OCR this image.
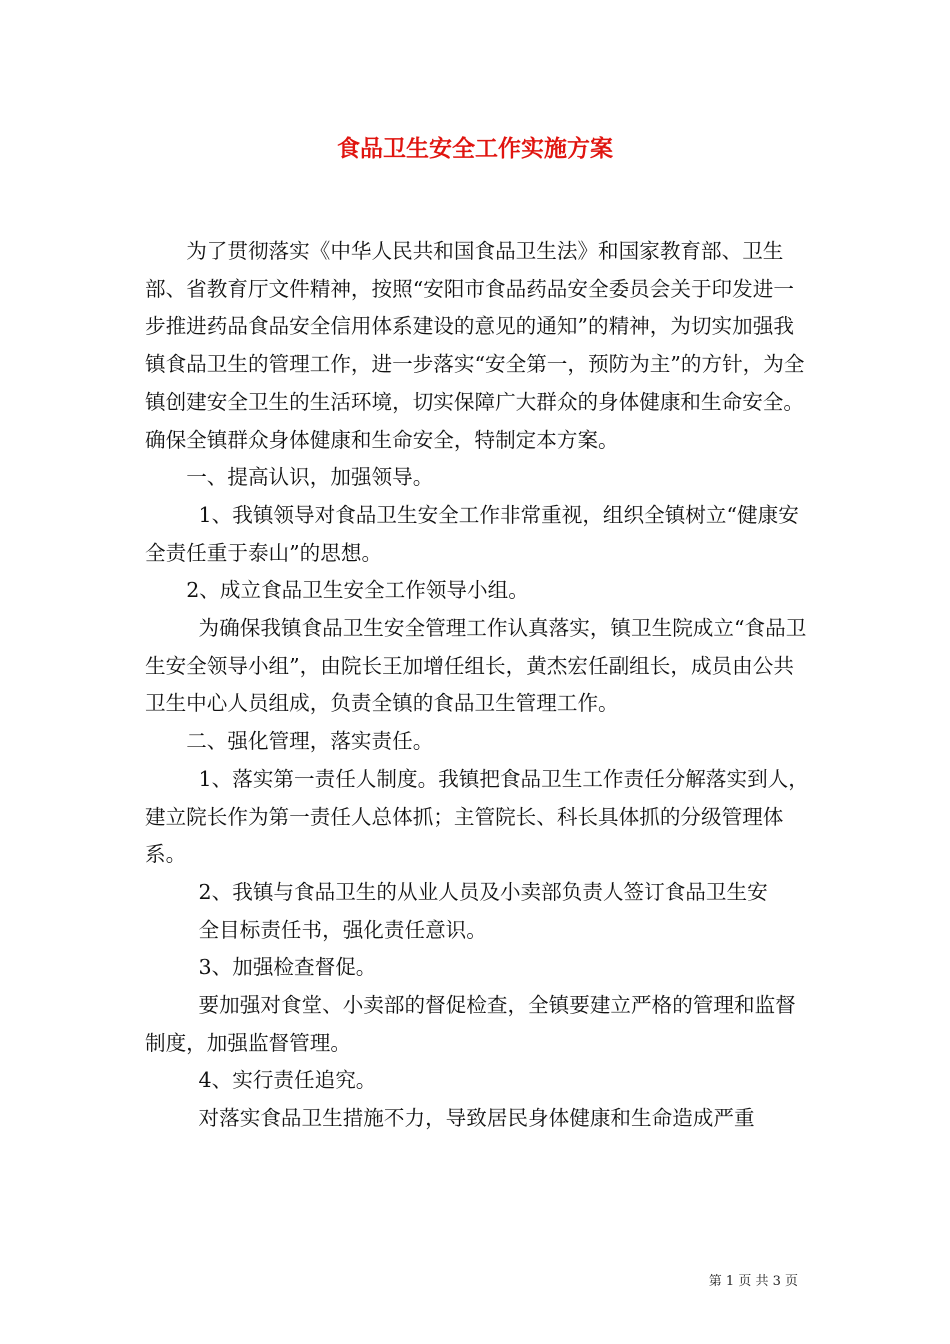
食品卫生安全工作实施方案

为了贯彻落实《中华人民共和国食品卫生法》和国家教育部、卫生部、省教育厅文件精神，按照“安阳市食品药品安全委员会关于印发进一步推进药品食品安全信用体系建设的意见的通知”的精神，为切实加强我镇食品卫生的管理工作，进一步落实“安全第一，预防为主”的方针，为全镇创建安全卫生的生活环境，切实保障广大群众的身体健康和生命安全。确保全镇群众身体健康和生命安全，特制定本方案。

一、提高认识，加强领导。

1、我镇领导对食品卫生安全工作非常重视，组织全镇树立“健康安全责任重于泰山”的思想。

2、成立食品卫生安全工作领导小组。

为确保我镇食品卫生安全管理工作认真落实，镇卫生院成立“食品卫生安全领导小组”，由院长王加增任组长，黄杰宏任副组长，成员由公共卫生中心人员组成，负责全镇的食品卫生管理工作。

二、强化管理，落实责任。

1、落实第一责任人制度。我镇把食品卫生工作责任分解落实到人，建立院长作为第一责任人总体抓；主管院长、科长具体抓的分级管理体系。

2、我镇与食品卫生的从业人员及小卖部负责人签订食品卫生安

全目标责任书，强化责任意识。

3、加强检查督促。

要加强对食堂、小卖部的督促检查，全镇要建立严格的管理和监督制度，加强监督管理。

4、实行责任追究。

对落实食品卫生措施不力，导致居民身体健康和生命造成严重

第 1 页 共 3 页
